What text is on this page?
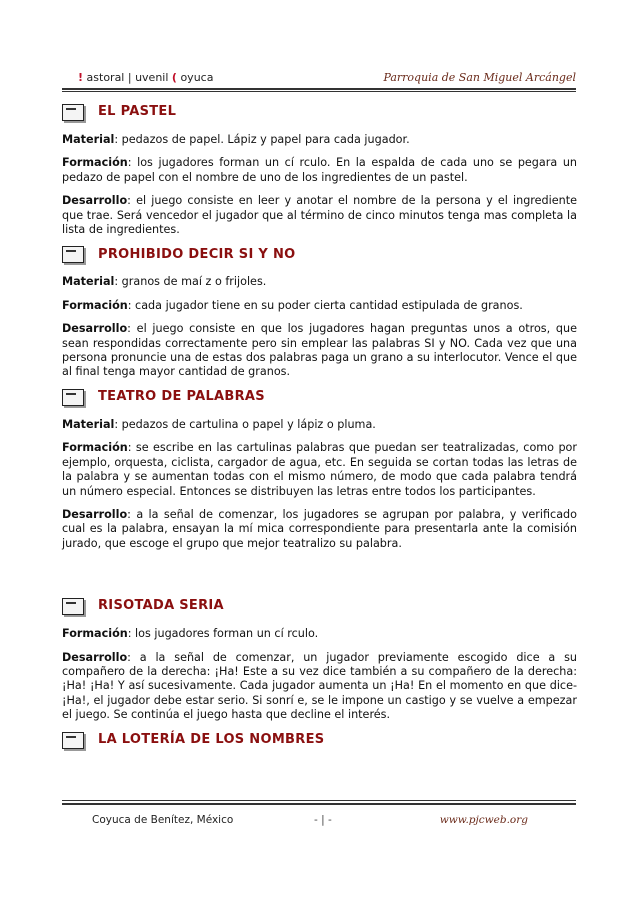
! astoral | uvenil ( oyuca	Parroquia de San Miguel Arcángel
EL PASTEL

Material: pedazos de papel. Lápiz y papel para cada jugador.

Formación: los jugadores forman un cí rculo. En la espalda de cada uno se pegara un pedazo de papel con el nombre de uno de los ingredientes de un pastel.

Desarrollo: el juego consiste en leer y anotar el nombre de la persona y el ingrediente que trae. Será vencedor el jugador que al término de cinco minutos tenga mas completa la lista de ingredientes.

PROHIBIDO DECIR SI Y NO

Material: granos de maí z o frijoles.

Formación: cada jugador tiene en su poder cierta cantidad estipulada de granos.

Desarrollo: el juego consiste en que los jugadores hagan preguntas unos a otros, que sean respondidas correctamente pero sin emplear las palabras SI y NO. Cada vez que una persona pronuncie una de estas dos palabras paga un grano a su interlocutor. Vence el que al final tenga mayor cantidad de granos.

TEATRO DE PALABRAS

Material: pedazos de cartulina o papel y lápiz o pluma.

Formación: se escribe en las cartulinas palabras que puedan ser teatralizadas, como por ejemplo, orquesta, ciclista, cargador de agua, etc. En seguida se cortan todas las letras de la palabra y se aumentan todas con el mismo número, de modo que cada palabra tendrá un número especial. Entonces se distribuyen las letras entre todos los participantes.

Desarrollo: a la señal de comenzar, los jugadores se agrupan por palabra, y verificado cual es la palabra, ensayan la mí mica correspondiente para presentarla ante la comisión jurado, que escoge el grupo que mejor teatralizo su palabra.

RISOTADA SERIA

Formación: los jugadores forman un cí rculo.

Desarrollo: a la señal de comenzar, un jugador previamente escogido dice a su compañero de la derecha: ¡Ha! Este a su vez dice también a su compañero de la derecha: ¡Ha! ¡Ha! Y así sucesivamente. Cada jugador aumenta un ¡Ha! En el momento en que dice- ¡Ha!, el jugador debe estar serio. Si sonrí e, se le impone un castigo y se vuelve a empezar el juego. Se continúa el juego hasta que decline el interés.

LA LOTERÍA DE LOS NOMBRES
Coyuca de Benítez, México	- | -	www.pjcweb.org
